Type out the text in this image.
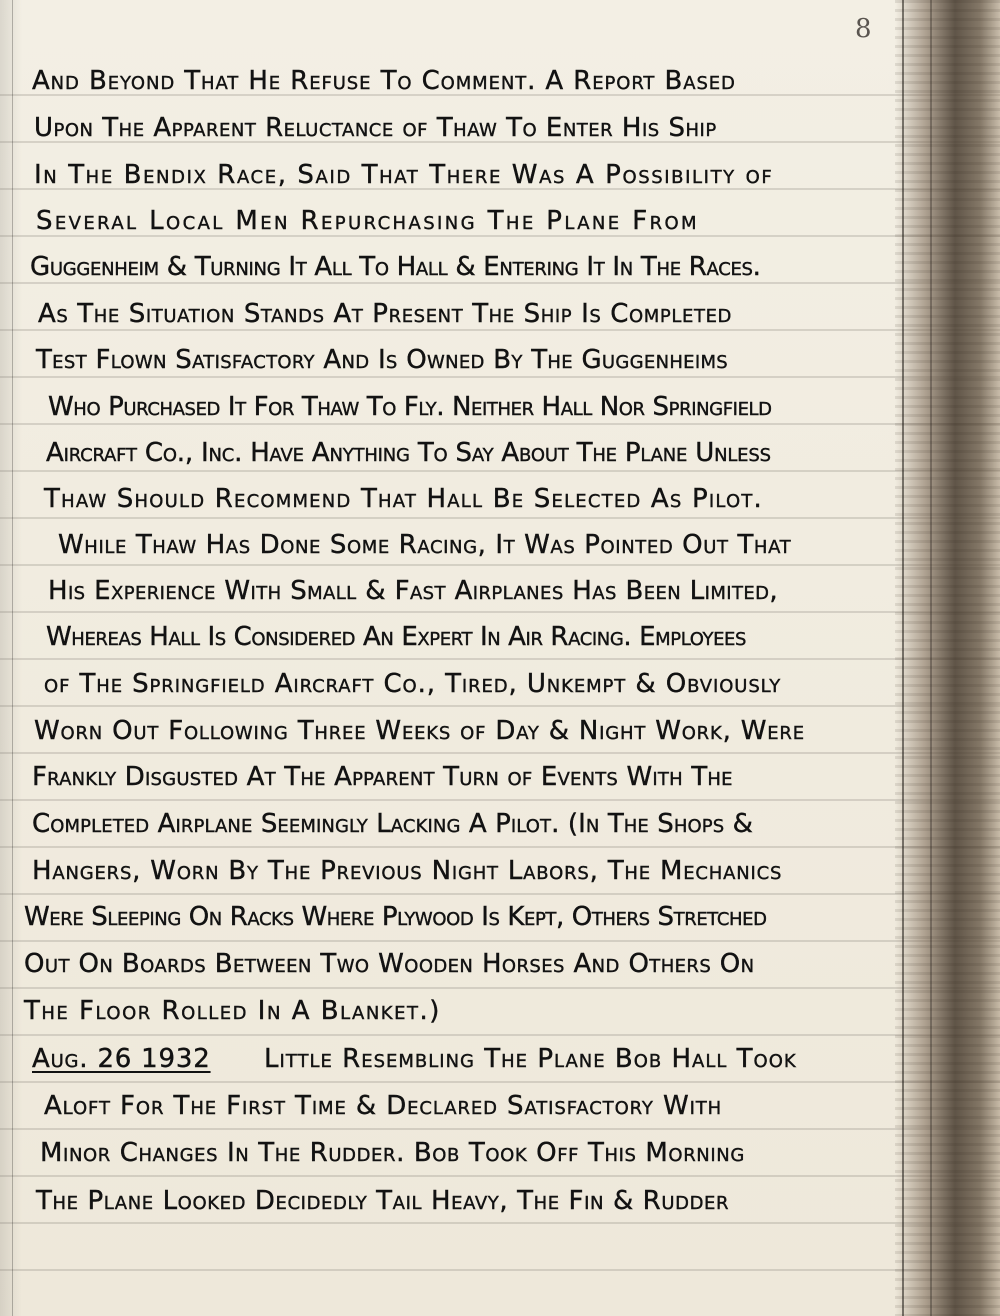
8
And Beyond That He Refuse To Comment. A Report Based
Upon The Apparent Reluctance of Thaw To Enter His Ship
In The Bendix Race, Said That There Was A Possibility of
Several Local Men Repurchasing The Plane From
Guggenheim & Turning It All To Hall & Entering It In The Races.
As The Situation Stands At Present The Ship Is Completed
Test Flown Satisfactory And Is Owned By The Guggenheims
Who Purchased It For Thaw To Fly. Neither Hall Nor Springfield
Aircraft Co., Inc. Have Anything To Say About The Plane Unless
Thaw Should Recommend That Hall Be Selected As Pilot.
While Thaw Has Done Some Racing, It Was Pointed Out That
His Experience With Small & Fast Airplanes Has Been Limited,
Whereas Hall Is Considered An Expert In Air Racing. Employees
of The Springfield Aircraft Co., Tired, Unkempt & Obviously
Worn Out Following Three Weeks of Day & Night Work, Were
Frankly Disgusted At The Apparent Turn of Events With The
Completed Airplane Seemingly Lacking A Pilot. (In The Shops &
Hangers, Worn By The Previous Night Labors, The Mechanics
Were Sleeping On Racks Where Plywood Is Kept, Others Stretched
Out On Boards Between Two Wooden Horses And Others On
The Floor Rolled In A Blanket.)
Aug. 26 1932 Little Resembling The Plane Bob Hall Took
Aloft For The First Time & Declared Satisfactory With
Minor Changes In The Rudder. Bob Took Off This Morning
The Plane Looked Decidedly Tail Heavy, The Fin & Rudder
